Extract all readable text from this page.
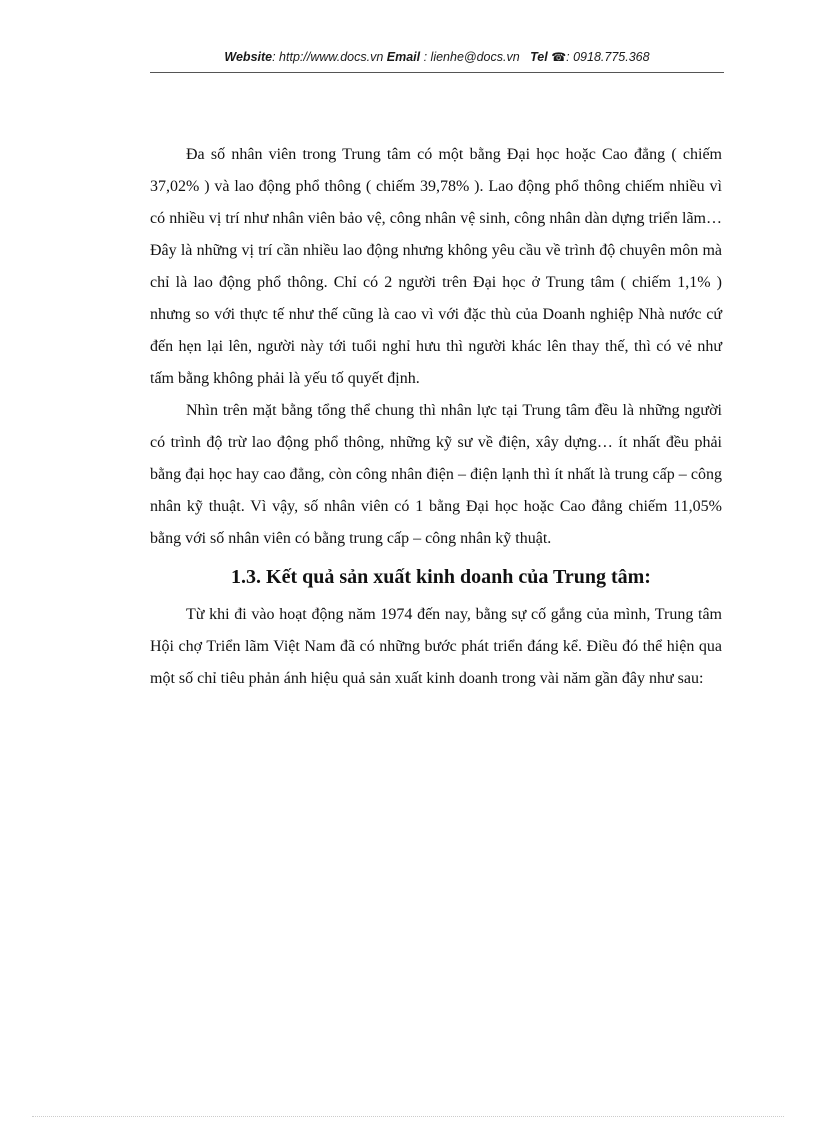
Website: http://www.docs.vn Email : lienhe@docs.vn Tel ☎: 0918.775.368

Đa số nhân viên trong Trung tâm có một bằng Đại học hoặc Cao đẳng ( chiếm 37,02% ) và lao động phổ thông ( chiếm 39,78% ). Lao động phổ thông chiếm nhiều vì có nhiều vị trí như nhân viên bảo vệ, công nhân vệ sinh, công nhân dàn dựng triển lãm… Đây là những vị trí cần nhiều lao động nhưng không yêu cầu về trình độ chuyên môn mà chỉ là lao động phổ thông. Chỉ có 2 người trên Đại học ở Trung tâm ( chiếm 1,1% ) nhưng so với thực tế như thế cũng là cao vì với đặc thù của Doanh nghiệp Nhà nước cứ đến hẹn lại lên, người này tới tuổi nghỉ hưu thì người khác lên thay thế, thì có vẻ như tấm bằng không phải là yếu tố quyết định.

Nhìn trên mặt bằng tổng thể chung thì nhân lực tại Trung tâm đều là những người có trình độ trừ lao động phổ thông, những kỹ sư về điện, xây dựng… ít nhất đều phải bằng đại học hay cao đẳng, còn công nhân điện – điện lạnh thì ít nhất là trung cấp – công nhân kỹ thuật. Vì vậy, số nhân viên có 1 bằng Đại học hoặc Cao đẳng chiếm 11,05% bằng với số nhân viên có bằng trung cấp – công nhân kỹ thuật.

1.3. Kết quả sản xuất kinh doanh của Trung tâm:

Từ khi đi vào hoạt động năm 1974 đến nay, bằng sự cố gắng của mình, Trung tâm Hội chợ Triển lãm Việt Nam đã có những bước phát triển đáng kể. Điều đó thể hiện qua một số chỉ tiêu phản ánh hiệu quả sản xuất kinh doanh trong vài năm gần đây như sau:
